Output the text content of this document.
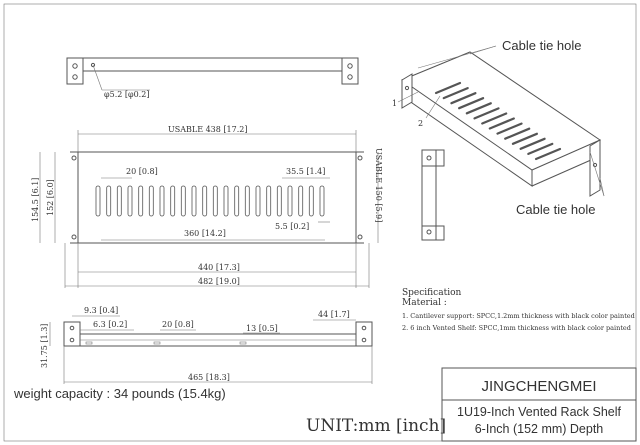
φ5.2 [φ0.2]
USABLE 438 [17.2]
20 [0.8]	35.5 [1.4]
5.5 [0.2]
360 [14.2]
154.5 [6.1] 152 [6.0]	USABLE 150 [5.9]
440 [17.3]
482 [19.0]
9.3 [0.4]
6.3 [0.2]	20 [0.8]	13 [0.5]
44 [1.7]
31.75 [1.3]
465 [18.3]
Cable tie hole
Cable tie hole
1
2
Specification
Material :
1. Cantilever support: SPCC,1.2mm thickness with black color painted
2. 6 inch Vented Shelf: SPCC,1mm thickness with black color painted
weight capacity : 34 pounds (15.4kg)
UNIT:mm [inch]
JINGCHENGMEI
1U19-Inch Vented Rack Shelf
6-Inch (152 mm) Depth
